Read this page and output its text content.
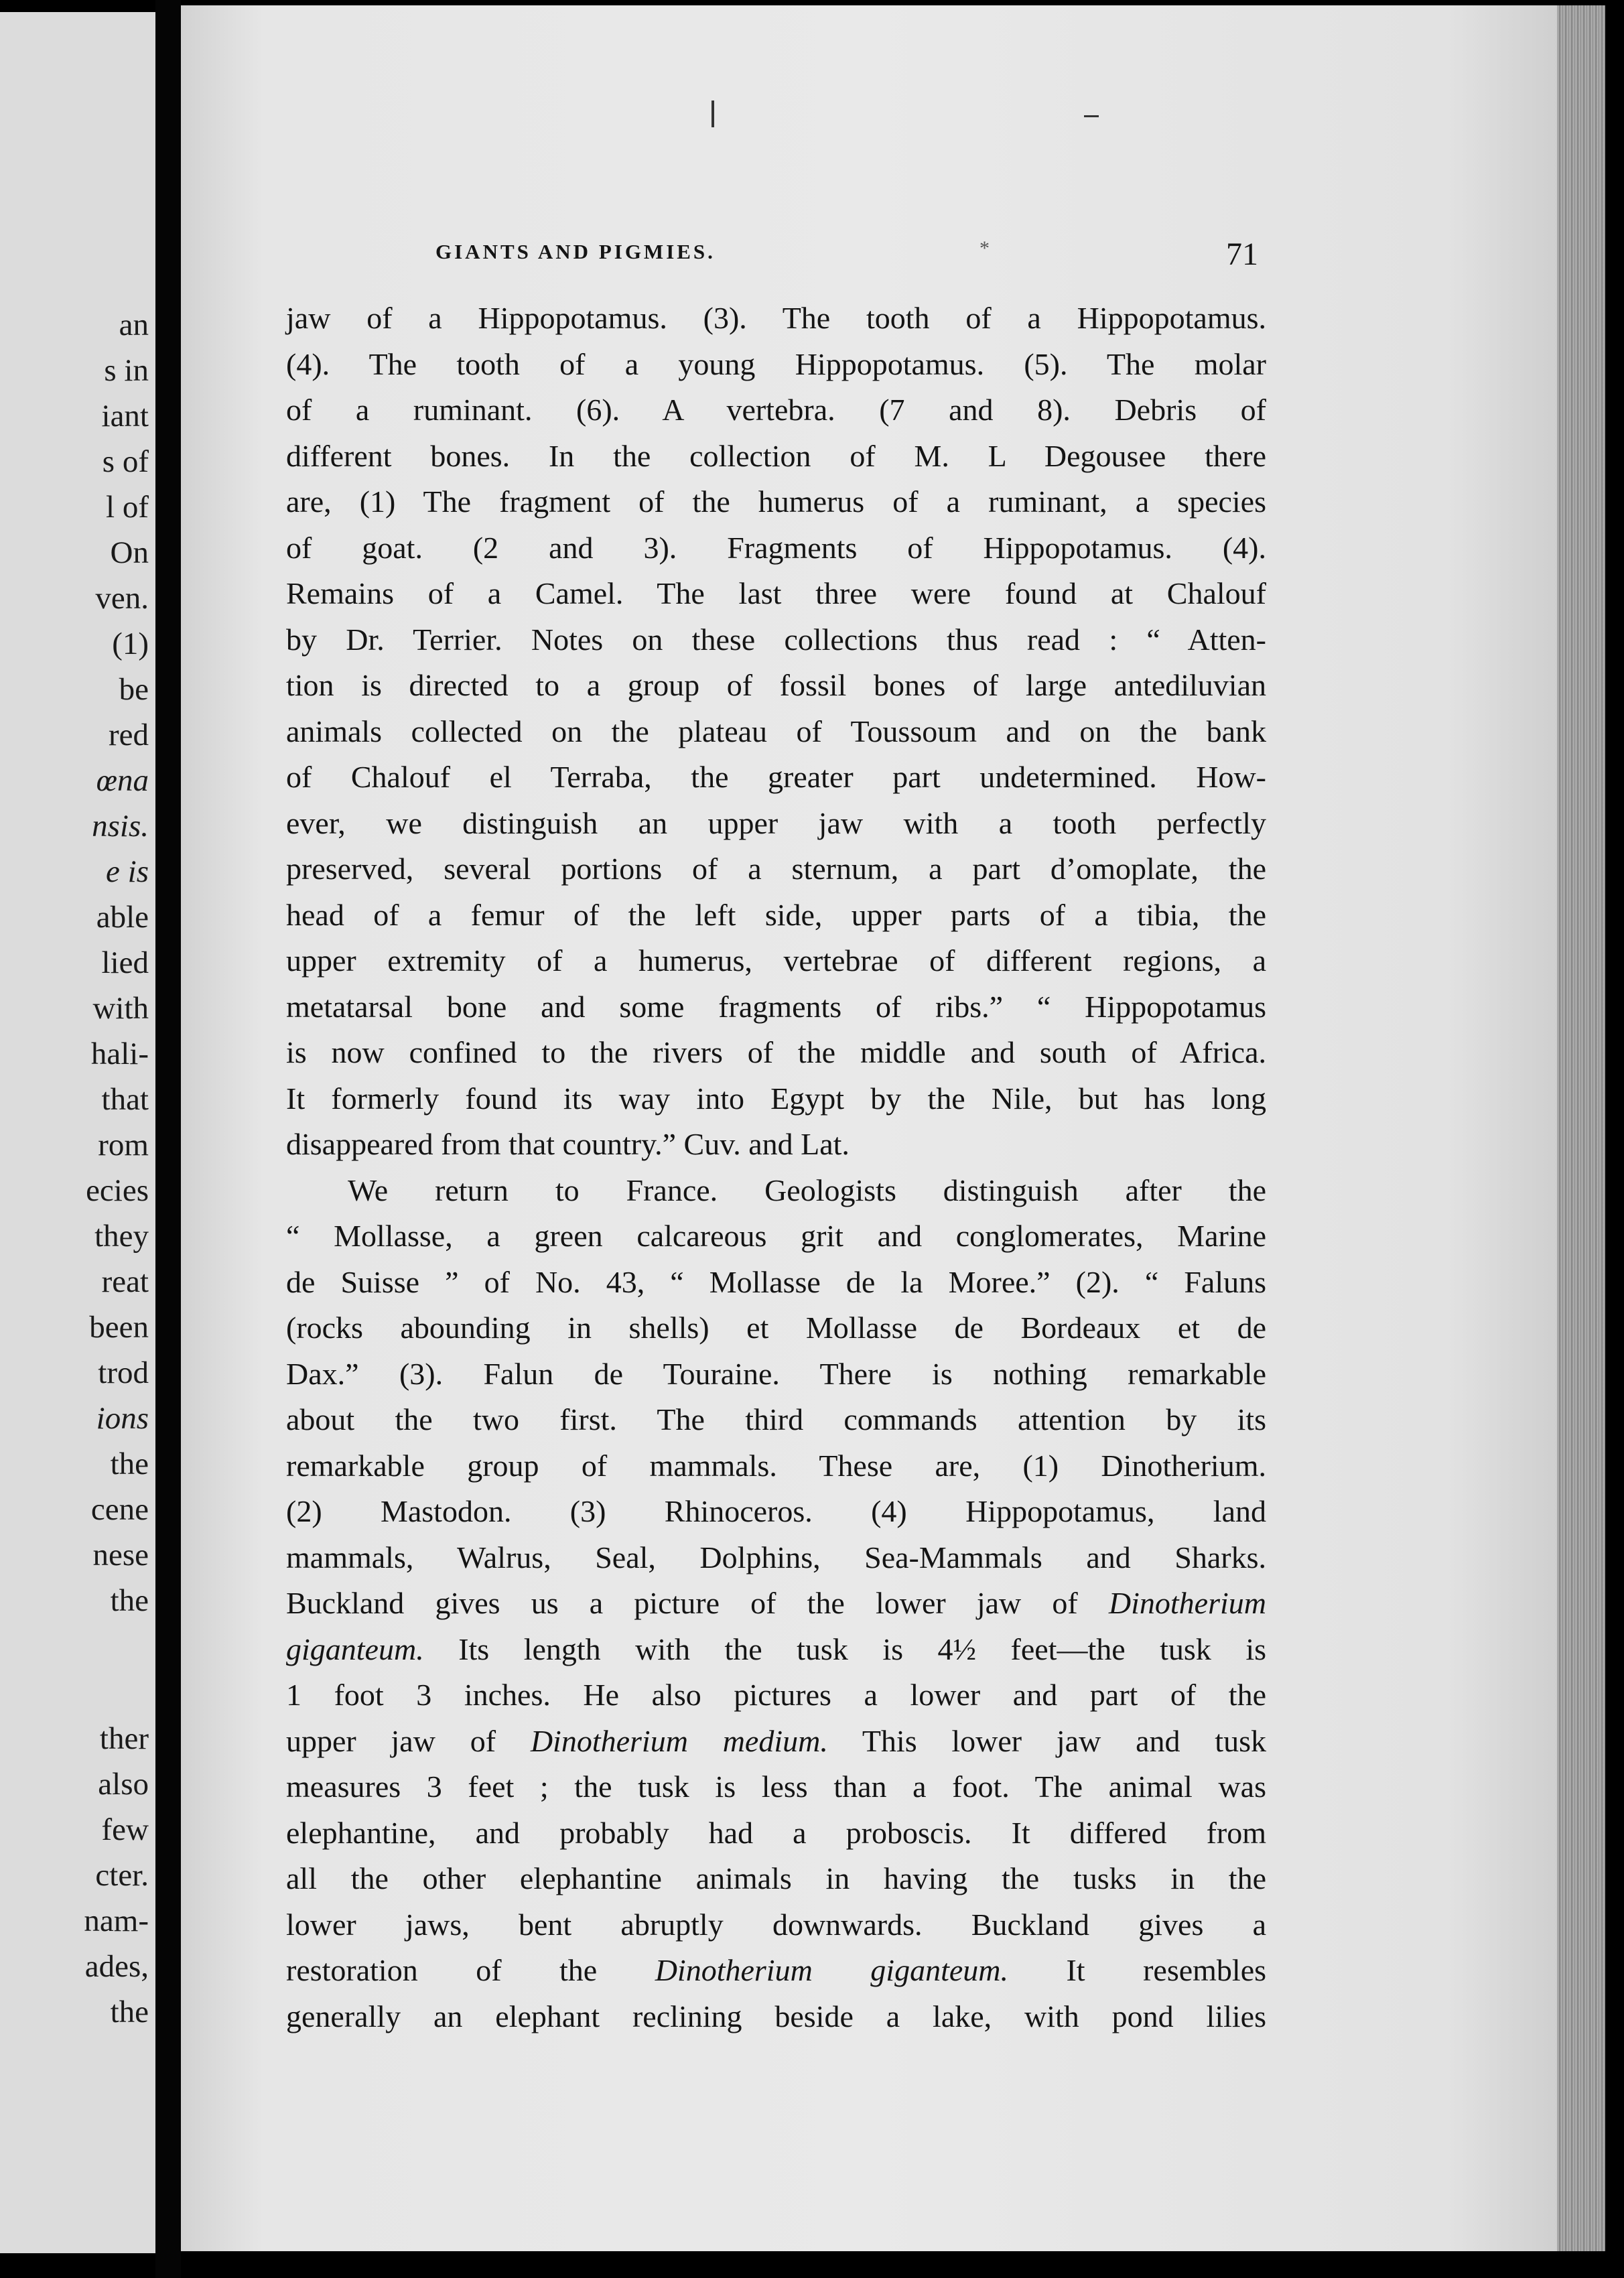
an
s in
iant
s of
l of
On
ven.
(1)
be
red
œna
nsis.
e is
able
lied
with
hali-
that
rom
ecies
they
reat
been
trod
ions
the
cene
nese
the
ther
also
few
cter.
nam-
ades,
the
GIANTS AND PIGMIES.	*	71
jaw of a Hippopotamus. (3). The tooth of a Hippopotamus.
(4). The tooth of a young Hippopotamus. (5). The molar
of a ruminant. (6). A vertebra. (7 and 8). Debris of
different bones. In the collection of M. L Degousee there
are, (1) The fragment of the humerus of a ruminant, a species
of goat. (2 and 3). Fragments of Hippopotamus. (4).
Remains of a Camel. The last three were found at Chalouf
by Dr. Terrier. Notes on these collections thus read : “ Atten-
tion is directed to a group of fossil bones of large antediluvian
animals collected on the plateau of Toussoum and on the bank
of Chalouf el Terraba, the greater part undetermined. How-
ever, we distinguish an upper jaw with a tooth perfectly
preserved, several portions of a sternum, a part d’omoplate, the
head of a femur of the left side, upper parts of a tibia, the
upper extremity of a humerus, vertebrae of different regions, a
metatarsal bone and some fragments of ribs.” “ Hippopotamus
is now confined to the rivers of the middle and south of Africa.
It formerly found its way into Egypt by the Nile, but has long
disappeared from that country.” Cuv. and Lat.
We return to France. Geologists distinguish after the
“ Mollasse, a green calcareous grit and conglomerates, Marine
de Suisse ” of No. 43, “ Mollasse de la Moree.” (2). “ Faluns
(rocks abounding in shells) et Mollasse de Bordeaux et de
Dax.” (3). Falun de Touraine. There is nothing remarkable
about the two first. The third commands attention by its
remarkable group of mammals. These are, (1) Dinotherium.
(2) Mastodon. (3) Rhinoceros. (4) Hippopotamus, land
mammals, Walrus, Seal, Dolphins, Sea-Mammals and Sharks.
Buckland gives us a picture of the lower jaw of Dinotherium
giganteum. Its length with the tusk is 4½ feet—the tusk is
1 foot 3 inches. He also pictures a lower and part of the
upper jaw of Dinotherium medium. This lower jaw and tusk
measures 3 feet ; the tusk is less than a foot. The animal was
elephantine, and probably had a proboscis. It differed from
all the other elephantine animals in having the tusks in the
lower jaws, bent abruptly downwards. Buckland gives a
restoration of the Dinotherium giganteum. It resembles
generally an elephant reclining beside a lake, with pond lilies
